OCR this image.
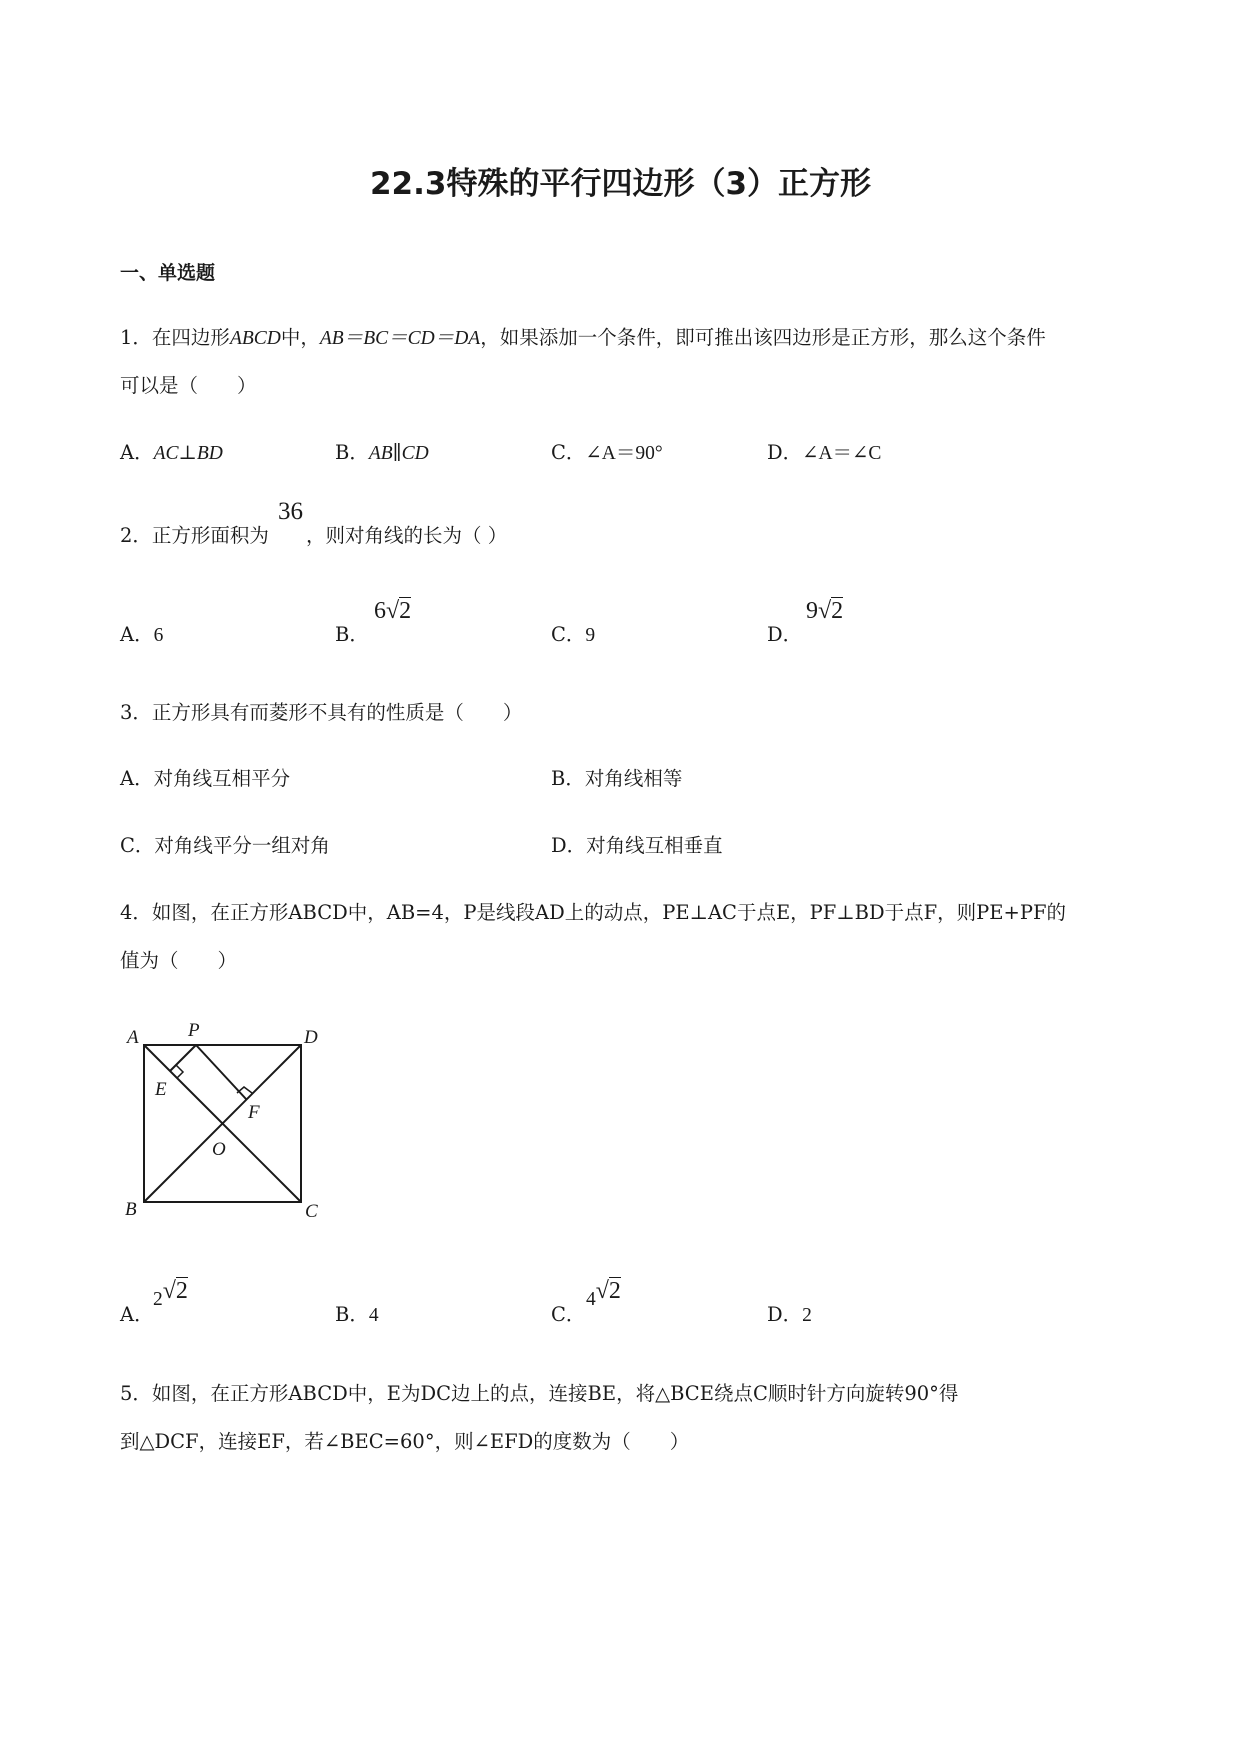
22.3特殊的平行四边形（3）正方形
一、单选题
1．在四边形ABCD中，AB＝BC＝CD＝DA，如果添加一个条件，即可推出该四边形是正方形，那么这个条件
可以是（　　）
A．AC⊥BD	B．AB∥CD	C．∠A＝90°	D．∠A＝∠C
2．正方形面积为
36
，则对角线的长为（ ）
A．6	B．
6√2
C．9	D．
9√2
3．正方形具有而菱形不具有的性质是（　　）
A．对角线互相平分	B．对角线相等
C．对角线平分一组对角	D．对角线互相垂直
4．如图，在正方形ABCD中，AB=4，P是线段AD上的动点，PE⊥AC于点E，PF⊥BD于点F，则PE+PF的
值为（　　）
A	P	D
E
F
O
B	C
A．
2√2
B．4	C．
4√2
D．2
5．如图，在正方形ABCD中，E为DC边上的点，连接BE，将△BCE绕点C顺时针方向旋转90°得
到△DCF，连接EF，若∠BEC=60°，则∠EFD的度数为（　　）
